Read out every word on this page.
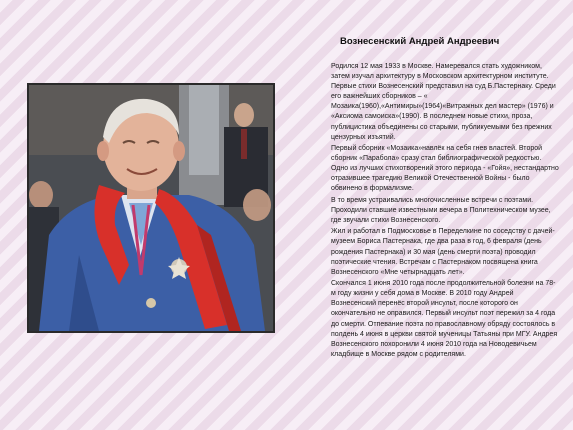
Вознесенский Андрей Андреевич

Родился 12 мая 1933 в Москве. Намеревался стать художником, затем изучал архитектуру в Московском архитектурном институте. Первые стихи Вознесенский представил на суд Б.Пастернаку. Среди его важнейших сборников – « Мозаика(1960),«Антимиры»(1964)«Витражных дел мастер» (1976) и «Аксиома самоиска»(1990). В последнем новые стихи, проза, публицистика объединены со старыми, публикуемыми без прежних цензурных изъятий.

Первый сборник «Мозаика»навлёк на себя гнев властей. Второй сборник «Парабола» сразу стал библиографической редкостью. Одно из лучших стихотворений этого периода - «Гойя», нестандартно отразившее трагедию Великой Отечественной Войны - было обвинено в формализме.

В то время устраивались многочисленные встречи с поэтами. Проходили ставшие известными вечера в Политехническом музее, где звучали стихи Вознесенского.

Жил и работал в Подмосковье в Переделкине по соседству с дачей-музеем Бориса Пастернака, где два раза в год, 6 февраля (день рождения Пастернака) и 30 мая (день смерти поэта) проводил поэтические чтения. Встречам с Пастернаком посвящена книга Вознесенского «Мне четырнадцать лет».

Скончался 1 июня 2010 года после продолжительной болезни на 78-м году жизни у себя дома в Москве. В 2010 году Андрей Вознесенский перенёс второй инсульт, после которого он окончательно не оправился. Первый инсульт поэт пережил за 4 года до смерти. Отпевание поэта по православному обряду состоялось в полдень 4 июня в церкви святой мученицы Татьяны при МГУ. Андрея Вознесенского похоронили 4 июня 2010 года на Новодевичьем кладбище в Москве рядом с родителями.
